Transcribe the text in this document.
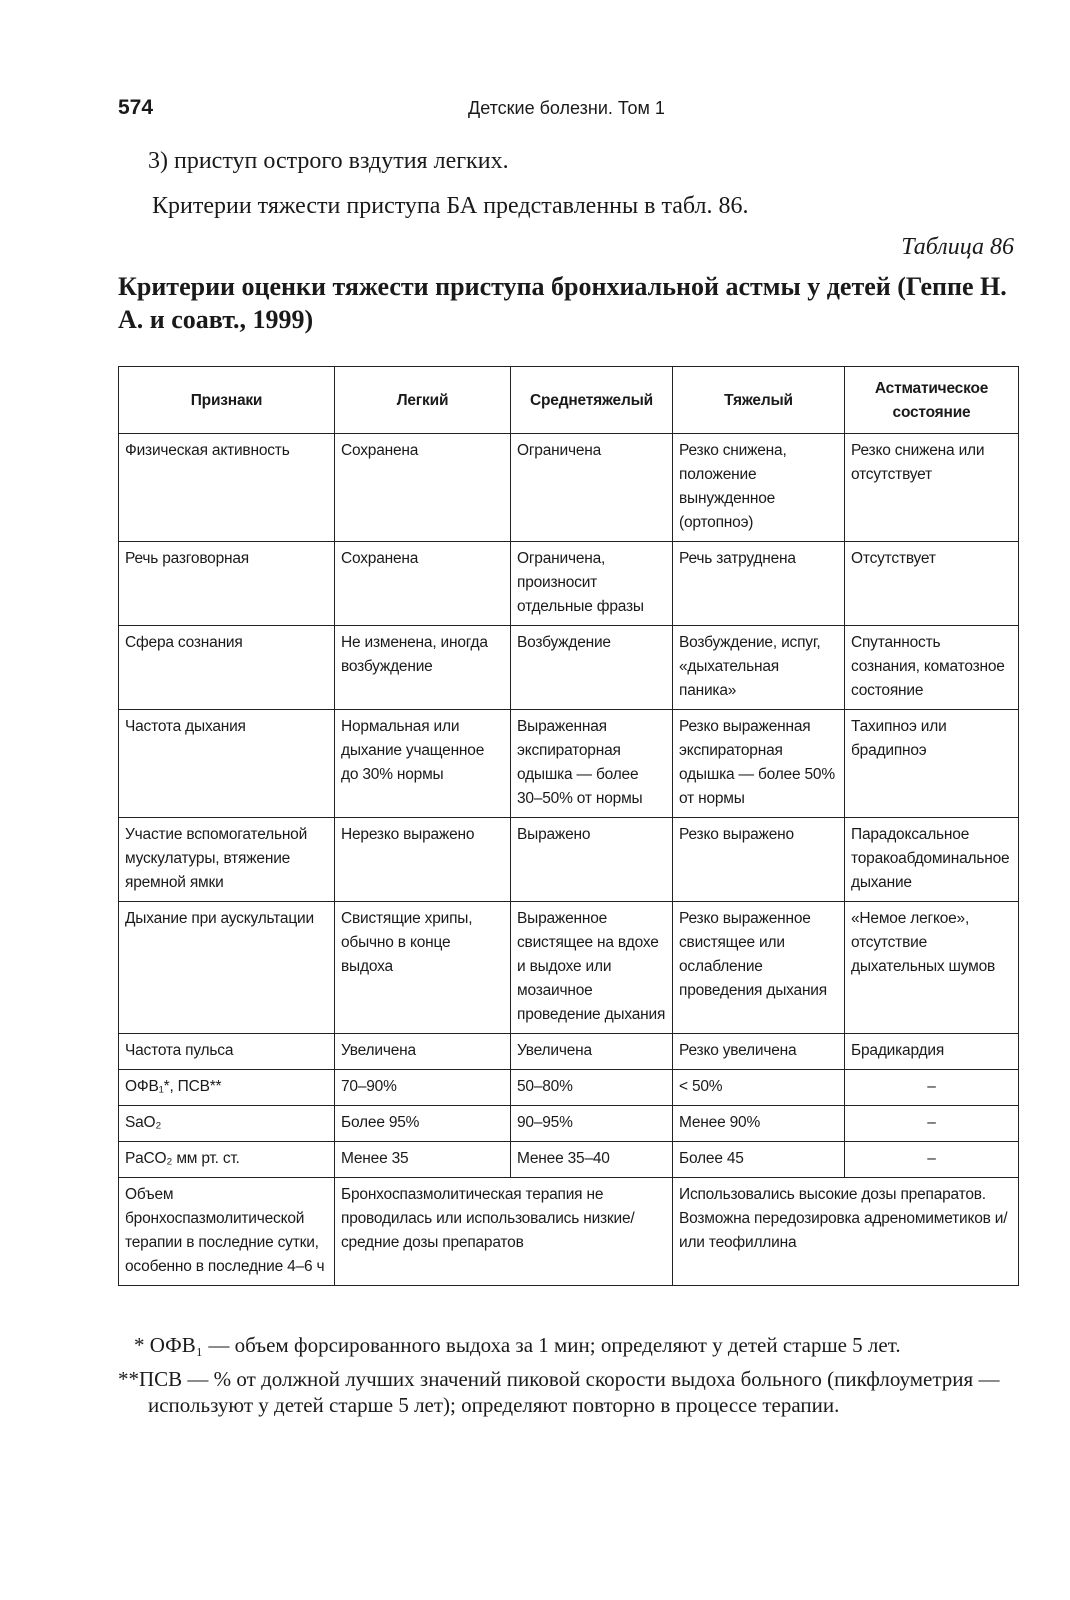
574	Детские болезни. Том 1
3) приступ острого вздутия легких.
Критерии тяжести приступа БА представленны в табл. 86.
Таблица 86
Критерии оценки тяжести приступа бронхиальной астмы у детей (Геппе Н. А. и соавт., 1999)
Признаки	Легкий	Среднетяжелый	Тяжелый	Астматическое состояние
Физическая активность	Сохранена	Ограничена	Резко снижена, положение вынужденное (ортопноэ)	Резко снижена или отсутствует
Речь разговорная	Сохранена	Ограничена, произносит отдельные фразы	Речь затруднена	Отсутствует
Сфера сознания	Не изменена, иногда возбуждение	Возбуждение	Возбуждение, испуг, «дыхательная паника»	Спутанность сознания, коматозное состояние
Частота дыхания	Нормальная или дыхание учащенное до 30% нормы	Выраженная экспираторная одышка — более 30–50% от нормы	Резко выраженная экспираторная одышка — более 50% от нормы	Тахипноэ или брадипноэ
Участие вспомогательной мускулатуры, втяжение яремной ямки	Нерезко выражено	Выражено	Резко выражено	Парадоксальное торакоабдоминальное дыхание
Дыхание при аускультации	Свистящие хрипы, обычно в конце выдоха	Выраженное свистящее на вдохе и выдохе или мозаичное проведение дыхания	Резко выраженное свистящее или ослабление проведения дыхания	«Немое легкое», отсутствие дыхательных шумов
Частота пульса	Увеличена	Увеличена	Резко увеличена	Брадикардия
ОФВ₁*, ПСВ**	70–90%	50–80%	< 50%	–
SaO₂	Более 95%	90–95%	Менее 90%	–
PaCO₂ мм рт. ст.	Менее 35	Менее 35–40	Более 45	–
Объем бронхоспазмолитической терапии в последние сутки, особенно в последние 4–6 ч	Бронхоспазмолитическая терапия не проводилась или использовались низкие/средние дозы препаратов		Использовались высокие дозы препаратов. Возможна передозировка адреномиметиков и/или теофиллина	
* ОФВ₁ — объем форсированного выдоха за 1 мин; определяют у детей старше 5 лет.
**ПСВ — % от должной лучших значений пиковой скорости выдоха больного (пикфлоуметрия — используют у детей старше 5 лет); определяют повторно в процессе терапии.
